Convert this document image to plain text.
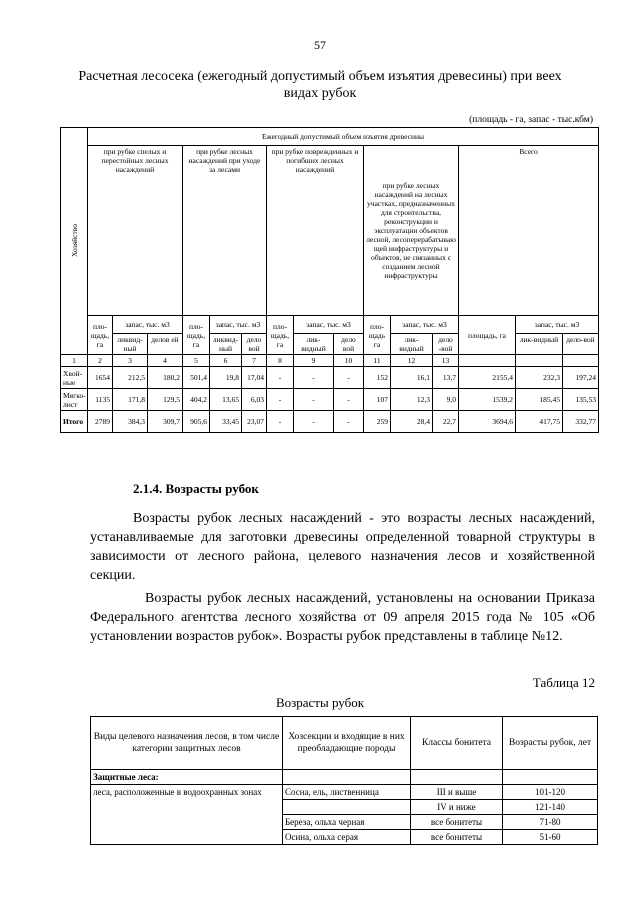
57
Расчетная лесосека (ежегодный допустимый объем изъятия древесины) при веех видах рубок
(площадь - га, запас - тыс.кбм)
Хозяйство	Ежегодный допустимый объем изъятия древесины														
	при рубке спелых и перестойных лесных насаждений			при рубке лесных насаждений при уходе за лесами			при рубке поврежденных и погибших лесных насаждений			при рубке лесных насаждений на лесных участках, предназначенных для строительства, реконструкции и эксплуатации объектов лесной, лесоперерабатываю щей инфраструктуры и объектов, не связанных с созданием лесной инфраструктуры			Всего		
	пло-щадь, га	запас, тыс. м3		пло-щадь, га	запас, тыс. м3		пло-щадь, га	запас, тыс. м3		пло-щадь га	запас, тыс. м3		площадь, га	запас, тыс. м3	
		ликвид-ный	делов ей		ликвид-ный	дело вой		лик-видный	дело вой		лик-видный	дело -вой		лик-видный	дело-вой
1	2	3	4	5	6	7	8	9	10	11	12	13			
Хвой-ные	1654	212,5	180,2	501,4	19,8	17,04	-	-	-	152	16,1	13,7	2155,4	232,3	197,24
Мягко-лист	1135	171,8	129,5	404,2	13,65	6,03	-	-	-	107	12,3	9,0	1539,2	185,45	135,53
Итого	2789	384,3	309,7	905,6	33,45	23,07	-	-	-	259	28,4	22,7	3694,6	417,75	332,77
2.1.4. Возрасты рубок
Возрасты рубок лесных насаждений - это возрасты лесных насаждений, устанавливаемые для заготовки древесины определенной товарной структуры в зависимости от лесного района, целевого назначения лесов и хозяйственной секции.
Возрасты рубок лесных насаждений, установлены на основании Приказа Федерального агентства лесного хозяйства от 09 апреля 2015 года № 105 «Об установлении возрастов рубок». Возрасты рубок представлены в таблице №12.
Таблица 12
Возрасты рубок
Виды целевого назначения лесов, в том числе категории защитных лесов	Хозсекции и входящие в них преобладающие породы	Классы бонитета	Возрасты рубок, лет
Защитные леса:			
леса, расположенные в водоохранных зонах	Сосна, ель, лиственница	III и выше	101-120
		IV и ниже	121-140
	Береза, ольха черная	все бонитеты	71-80
	Осина, ольха серая	все бонитеты	51-60
